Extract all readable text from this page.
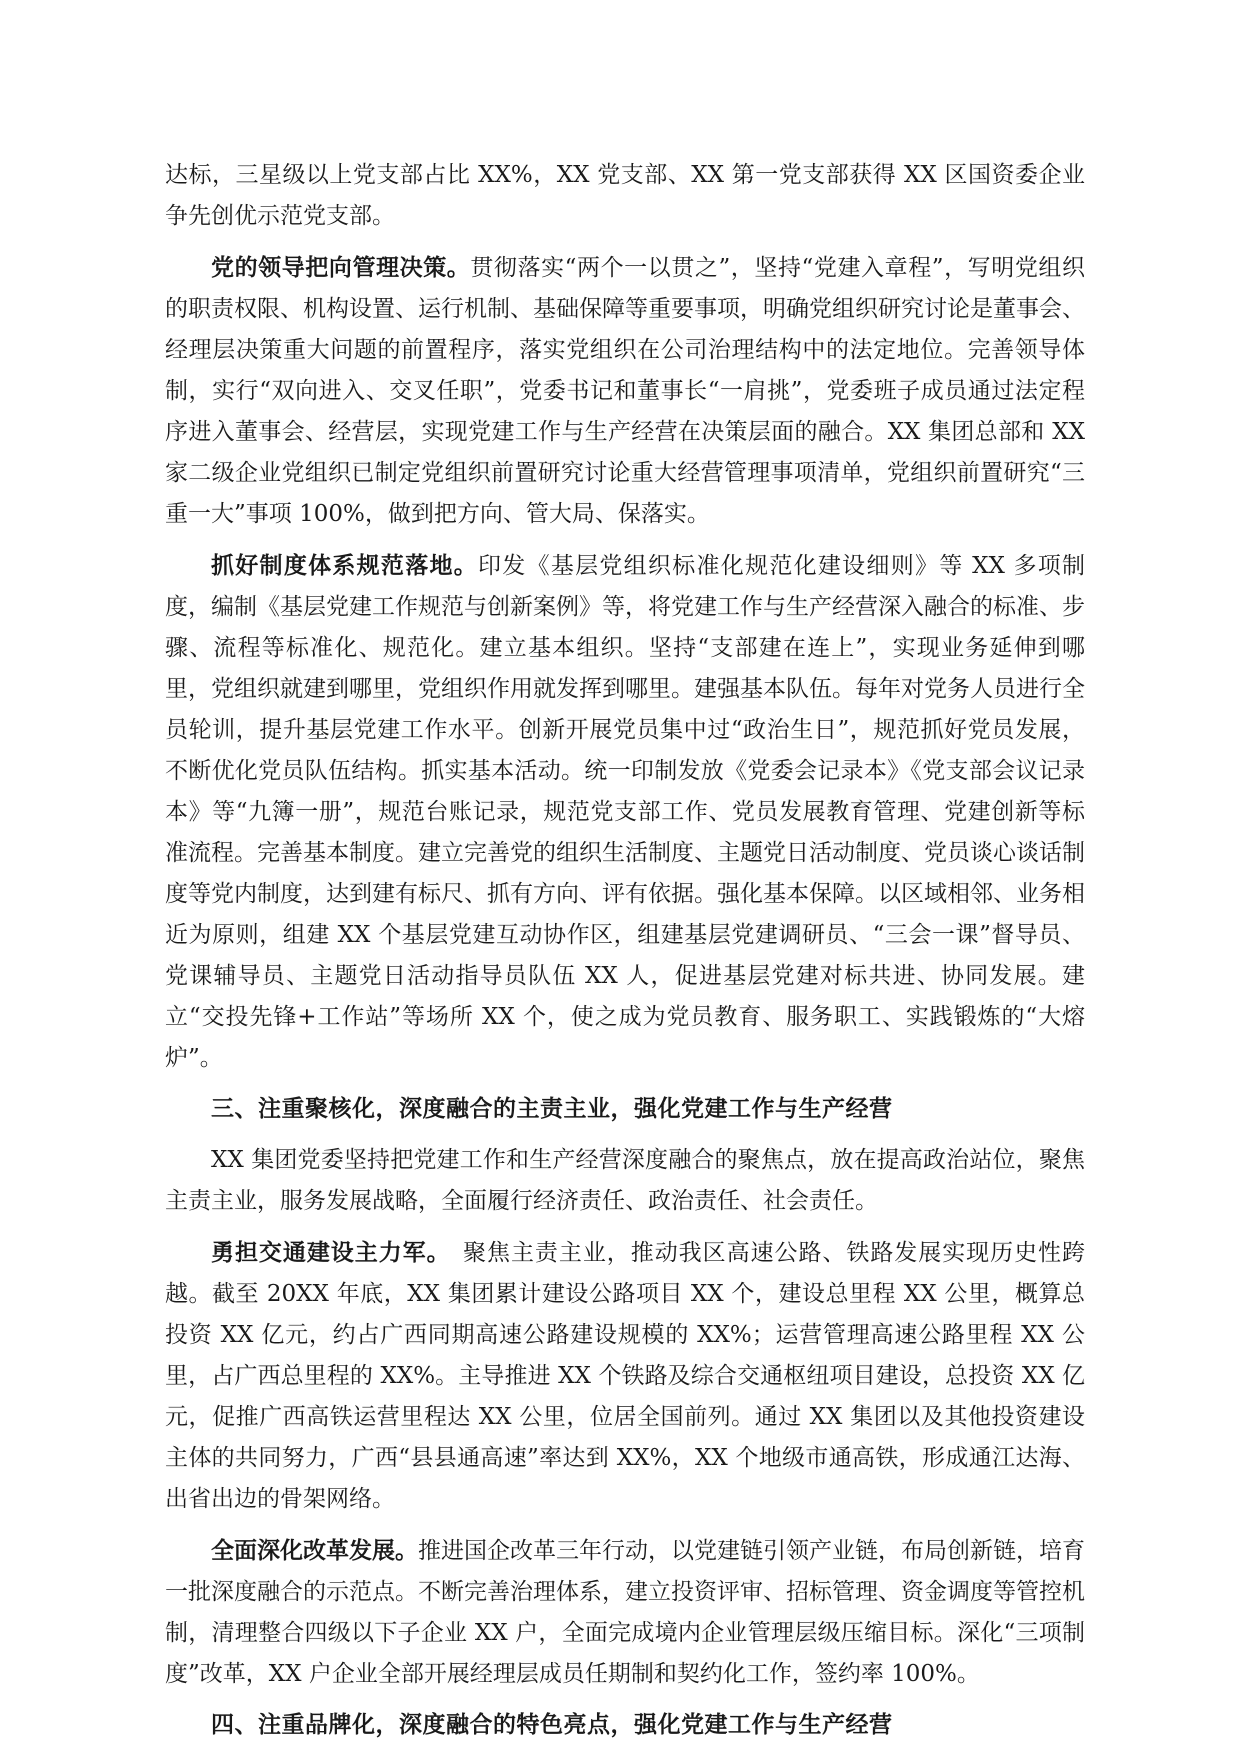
达标，三星级以上党支部占比 XX%，XX 党支部、XX 第一党支部获得 XX 区国资委企业争先创优示范党支部。

党的领导把向管理决策。贯彻落实“两个一以贯之”，坚持“党建入章程”，写明党组织的职责权限、机构设置、运行机制、基础保障等重要事项，明确党组织研究讨论是董事会、经理层决策重大问题的前置程序，落实党组织在公司治理结构中的法定地位。完善领导体制，实行“双向进入、交叉任职”，党委书记和董事长“一肩挑”，党委班子成员通过法定程序进入董事会、经营层，实现党建工作与生产经营在决策层面的融合。XX 集团总部和 XX 家二级企业党组织已制定党组织前置研究讨论重大经营管理事项清单，党组织前置研究“三重一大”事项 100%，做到把方向、管大局、保落实。

抓好制度体系规范落地。印发《基层党组织标准化规范化建设细则》等 XX 多项制度，编制《基层党建工作规范与创新案例》等，将党建工作与生产经营深入融合的标准、步骤、流程等标准化、规范化。建立基本组织。坚持“支部建在连上”，实现业务延伸到哪里，党组织就建到哪里，党组织作用就发挥到哪里。建强基本队伍。每年对党务人员进行全员轮训，提升基层党建工作水平。创新开展党员集中过“政治生日”，规范抓好党员发展，不断优化党员队伍结构。抓实基本活动。统一印制发放《党委会记录本》《党支部会议记录本》等“九簿一册”，规范台账记录，规范党支部工作、党员发展教育管理、党建创新等标准流程。完善基本制度。建立完善党的组织生活制度、主题党日活动制度、党员谈心谈话制度等党内制度，达到建有标尺、抓有方向、评有依据。强化基本保障。以区域相邻、业务相近为原则，组建 XX 个基层党建互动协作区，组建基层党建调研员、“三会一课”督导员、党课辅导员、主题党日活动指导员队伍 XX 人，促进基层党建对标共进、协同发展。建立“交投先锋+工作站”等场所 XX 个，使之成为党员教育、服务职工、实践锻炼的“大熔炉”。

三、注重聚核化，深度融合的主责主业，强化党建工作与生产经营

XX 集团党委坚持把党建工作和生产经营深度融合的聚焦点，放在提高政治站位，聚焦主责主业，服务发展战略，全面履行经济责任、政治责任、社会责任。

勇担交通建设主力军。　聚焦主责主业，推动我区高速公路、铁路发展实现历史性跨越。截至 20XX 年底，XX 集团累计建设公路项目 XX 个，建设总里程 XX 公里，概算总投资 XX 亿元，约占广西同期高速公路建设规模的 XX%；运营管理高速公路里程 XX 公里，占广西总里程的 XX%。主导推进 XX 个铁路及综合交通枢纽项目建设，总投资 XX 亿元，促推广西高铁运营里程达 XX 公里，位居全国前列。通过 XX 集团以及其他投资建设主体的共同努力，广西“县县通高速”率达到 XX%，XX 个地级市通高铁，形成通江达海、出省出边的骨架网络。

全面深化改革发展。推进国企改革三年行动，以党建链引领产业链，布局创新链，培育一批深度融合的示范点。不断完善治理体系，建立投资评审、招标管理、资金调度等管控机制，清理整合四级以下子企业 XX 户，全面完成境内企业管理层级压缩目标。深化“三项制度”改革，XX 户企业全部开展经理层成员任期制和契约化工作，签约率 100%。

四、注重品牌化，深度融合的特色亮点，强化党建工作与生产经营
